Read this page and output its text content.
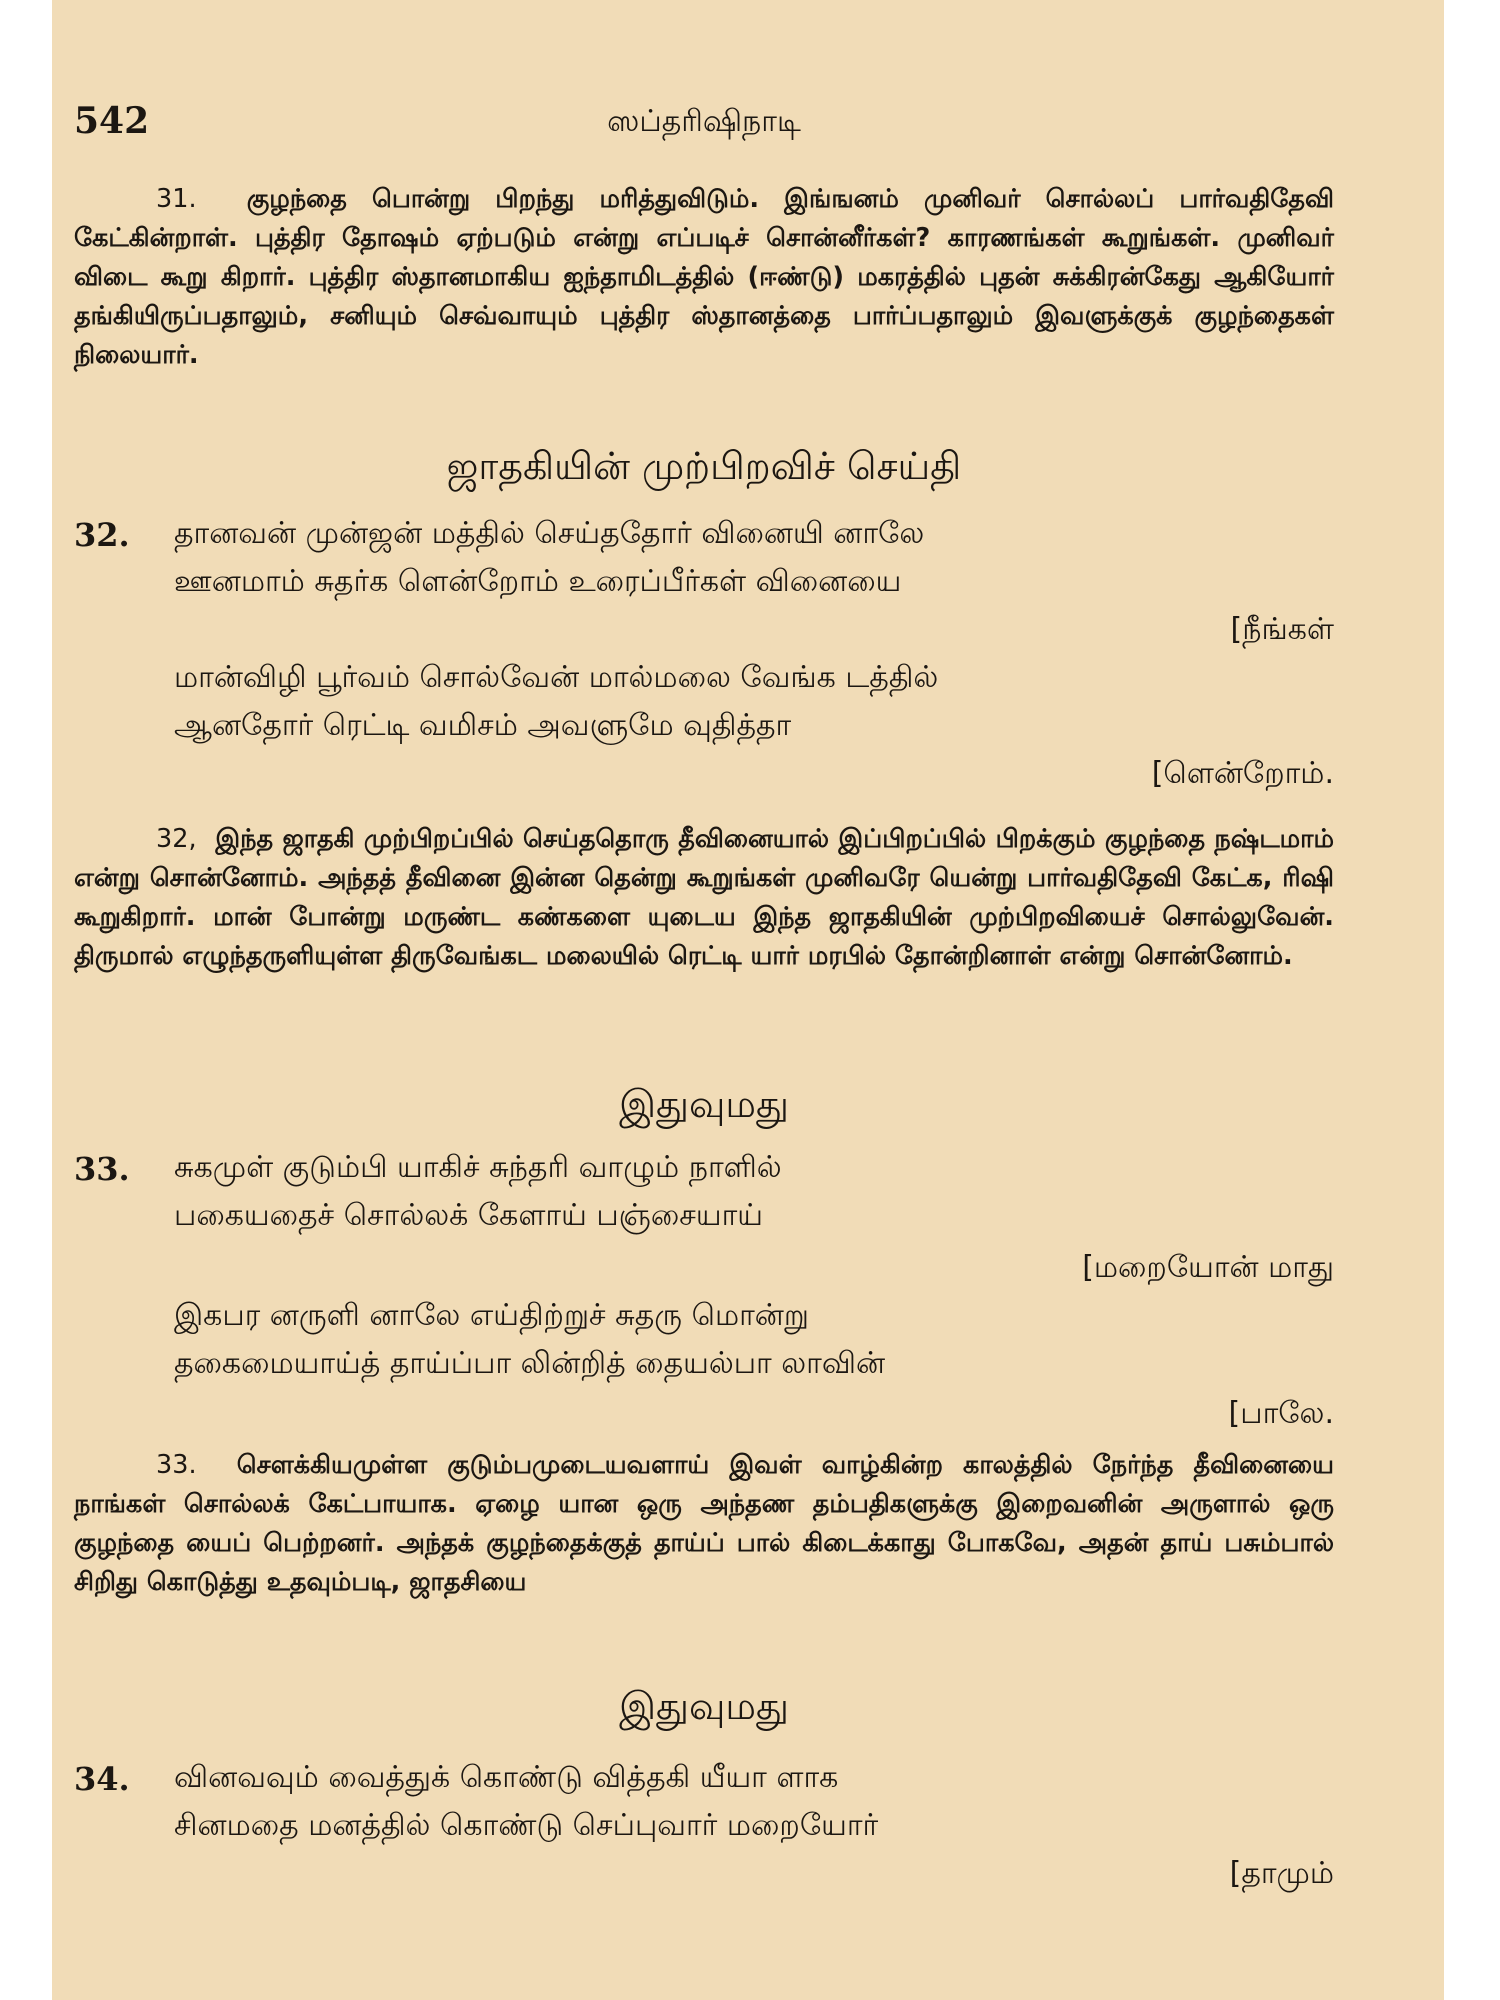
542	ஸப்தரிஷிநாடி

31. குழந்தை பொன்று பிறந்து மரித்துவிடும். இங்ஙனம் முனிவர் சொல்லப் பார்வதிதேவி கேட்கின்றாள். புத்திர தோஷம் ஏற்படும் என்று எப்படிச் சொன்னீர்கள்? காரணங்கள் கூறுங்கள். முனிவர் விடை கூறு கிறார். புத்திர ஸ்தானமாகிய ஐந்தாமிடத்தில் (ஈண்டு) மகரத்தில் புதன் சுக்கிரன்கேது ஆகியோர் தங்கியிருப்பதாலும், சனியும் செவ்வாயும் புத்திர ஸ்தானத்தை பார்ப்பதாலும் இவளுக்குக் குழந்தைகள் நிலையார்.

ஜாதகியின் முற்பிறவிச் செய்தி
32. தானவன் முன்ஜன் மத்தில் செய்ததோர் வினையி னாலே
ஊனமாம் சுதர்க ளென்றோம் உரைப்பீர்கள் வினையை
[நீங்கள்
மான்விழி பூர்வம் சொல்வேன் மால்மலை வேங்க டத்தில்
ஆனதோர் ரெட்டி வமிசம் அவளுமே வுதித்தா
[ளென்றோம்.

32, இந்த ஜாதகி முற்பிறப்பில் செய்ததொரு தீவினையால் இப்பிறப்பில் பிறக்கும் குழந்தை நஷ்டமாம் என்று சொன்னோம். அந்தத் தீவினை இன்ன தென்று கூறுங்கள் முனிவரே யென்று பார்வதிதேவி கேட்க, ரிஷி கூறுகிறார். மான் போன்று மருண்ட கண்களை யுடைய இந்த ஜாதகியின் முற்பிறவியைச் சொல்லுவேன். திருமால் எழுந்தருளியுள்ள திருவேங்கட மலையில் ரெட்டி யார் மரபில் தோன்றினாள் என்று சொன்னோம்.

இதுவுமது
33. சுகமுள் குடும்பி யாகிச் சுந்தரி வாழும் நாளில்
பகையதைச் சொல்லக் கேளாய் பஞ்சையாய்
[மறையோன் மாது
இகபர னருளி னாலே எய்திற்றுச் சுதரு மொன்று
தகைமையாய்த் தாய்ப்பா லின்றித் தையல்பா லாவின்
[பாலே.

33. சௌக்கியமுள்ள குடும்பமுடையவளாய் இவள் வாழ்கின்ற காலத்தில் நேர்ந்த தீவினையை நாங்கள் சொல்லக் கேட்பாயாக. ஏழை யான ஒரு அந்தண தம்பதிகளுக்கு இறைவனின் அருளால் ஒரு குழந்தை யைப் பெற்றனர். அந்தக் குழந்தைக்குத் தாய்ப் பால் கிடைக்காது போகவே, அதன் தாய் பசும்பால் சிறிது கொடுத்து உதவும்படி, ஜாதசியை

இதுவுமது
34. வினவவும் வைத்துக் கொண்டு வித்தகி யீயா ளாக
சினமதை மனத்தில் கொண்டு செப்புவார் மறையோர்
[தாமும்
